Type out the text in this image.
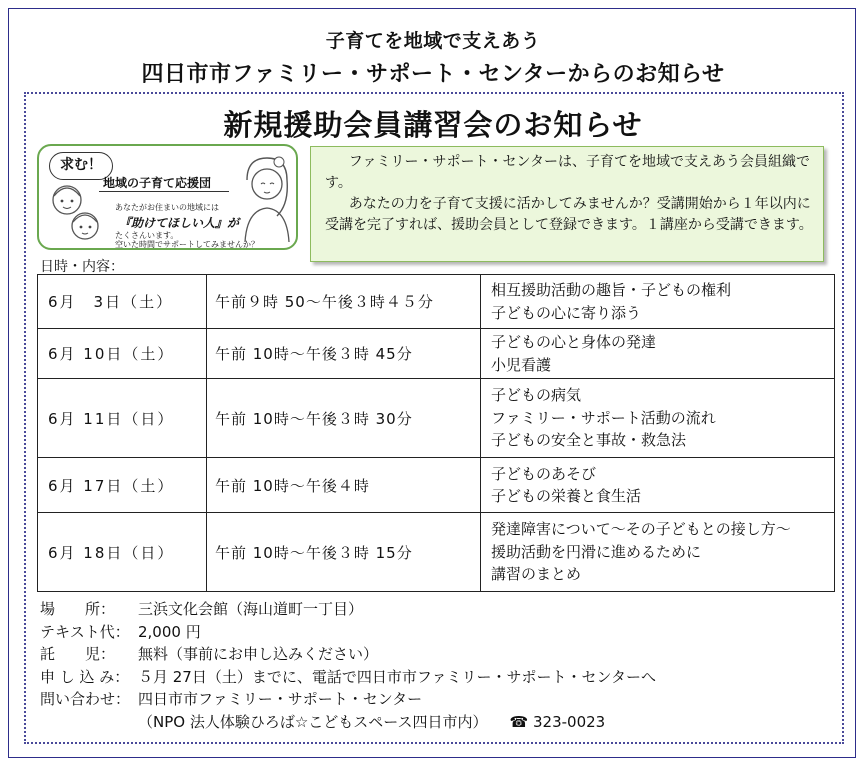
子育てを地域で支えあう
四日市市ファミリー・サポート・センターからのお知らせ
新規援助会員講習会のお知らせ
求む！
地域の子育て応援団
あなたがお住まいの地域には
『助けてほしい人』が
たくさんいます。
空いた時間でサポートしてみませんか？

ファミリー・サポート・センターは、子育てを地域で支えあう会員組織です。

あなたの力を子育て支援に活かしてみませんか？受講開始から１年以内に受講を完了すれば、援助会員として登録できます。１講座から受講できます。

日時・内容：
6月　3日（土）	午前９時 50～午後３時４５分	相互援助活動の趣旨・子どもの権利
子どもの心に寄り添う

6月 10日（土）	午前 10時～午後３時 45分	子どもの心と身体の発達
小児看護

6月 11日（日）	午前 10時～午後３時 30分	子どもの病気
ファミリー・サポート活動の流れ
子どもの安全と事故・救急法

6月 17日（土）	午前 10時～午後４時	子どものあそび
子どもの栄養と食生活

6月 18日（日）	午前 10時～午後３時 15分	発達障害について～その子どもとの接し方～
援助活動を円滑に進めるために
講習のまとめ
場　　所： 三浜文化会館（海山道町一丁目）
テキスト代： 2,000 円
託　　児： 無料（事前にお申し込みください）
申 し 込 み： ５月 27日（土）までに、電話で四日市市ファミリー・サポート・センターへ
問い合わせ： 四日市市ファミリー・サポート・センター
（NPO 法人体験ひろば☆こどもスペース四日市内） ☎ 323-0023
